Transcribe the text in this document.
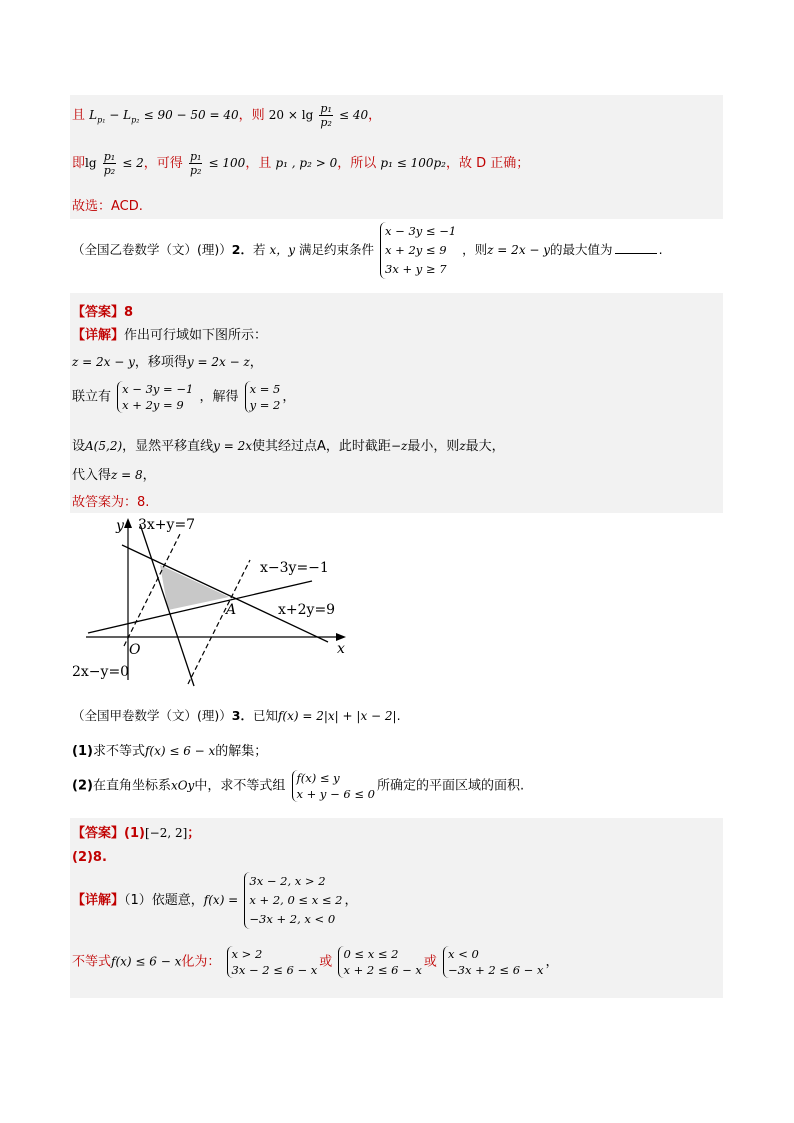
且 $L_{p_1} - L_{p_2} \le 90 - 50 = 40$，则 $20 \times \lg \frac{\text{p₁}}{\text{p₂}} \le 40$，
即$\lg \frac{\text{p₁}}{\text{p₂}} \le 2$，可得 $\frac{\text{p₁}}{\text{p₂}} \le 100$，且 p₁ , p₂ > 0，所以 p₁ ≤ 100p₂，故 D 正确；
故选：ACD.
（全国乙卷数学（文）(理)）2．若 x，y 满足约束条件
x − 3y ≤ −1
x + 2y ≤ 9
3x + y ≥ 7
，则z = 2x − y的最大值为	.
【答案】8
【详解】作出可行域如下图所示：
z = 2x − y，移项得y = 2x − z，
联立有
x − 3y = −1
x + 2y = 9
，解得
x = 5
y = 2
，
设A(5,2)，显然平移直线y = 2x使其经过点A，此时截距−z最小，则z最大，
代入得z = 8，
故答案为：8.
y
x
O
A
3x+y=7
x−3y=−1
x+2y=9
2x−y=0
（全国甲卷数学（文）(理)）3．已知f(x) = 2|x| + |x − 2|.
(1)求不等式f(x) ≤ 6 − x的解集；
(2)在直角坐标系xOy中，求不等式组
f(x) ≤ y
x + y − 6 ≤ 0
所确定的平面区域的面积.
【答案】(1)[−2, 2]；
(2)8.
【详解】（1）依题意，f(x) =
3x − 2, x > 2
x + 2, 0 ≤ x ≤ 2
−3x + 2, x < 0
，
不等式f(x) ≤ 6 − x化为：
x > 2
3x − 2 ≤ 6 − x
或
0 ≤ x ≤ 2
x + 2 ≤ 6 − x
或
x < 0
−3x + 2 ≤ 6 − x
，
